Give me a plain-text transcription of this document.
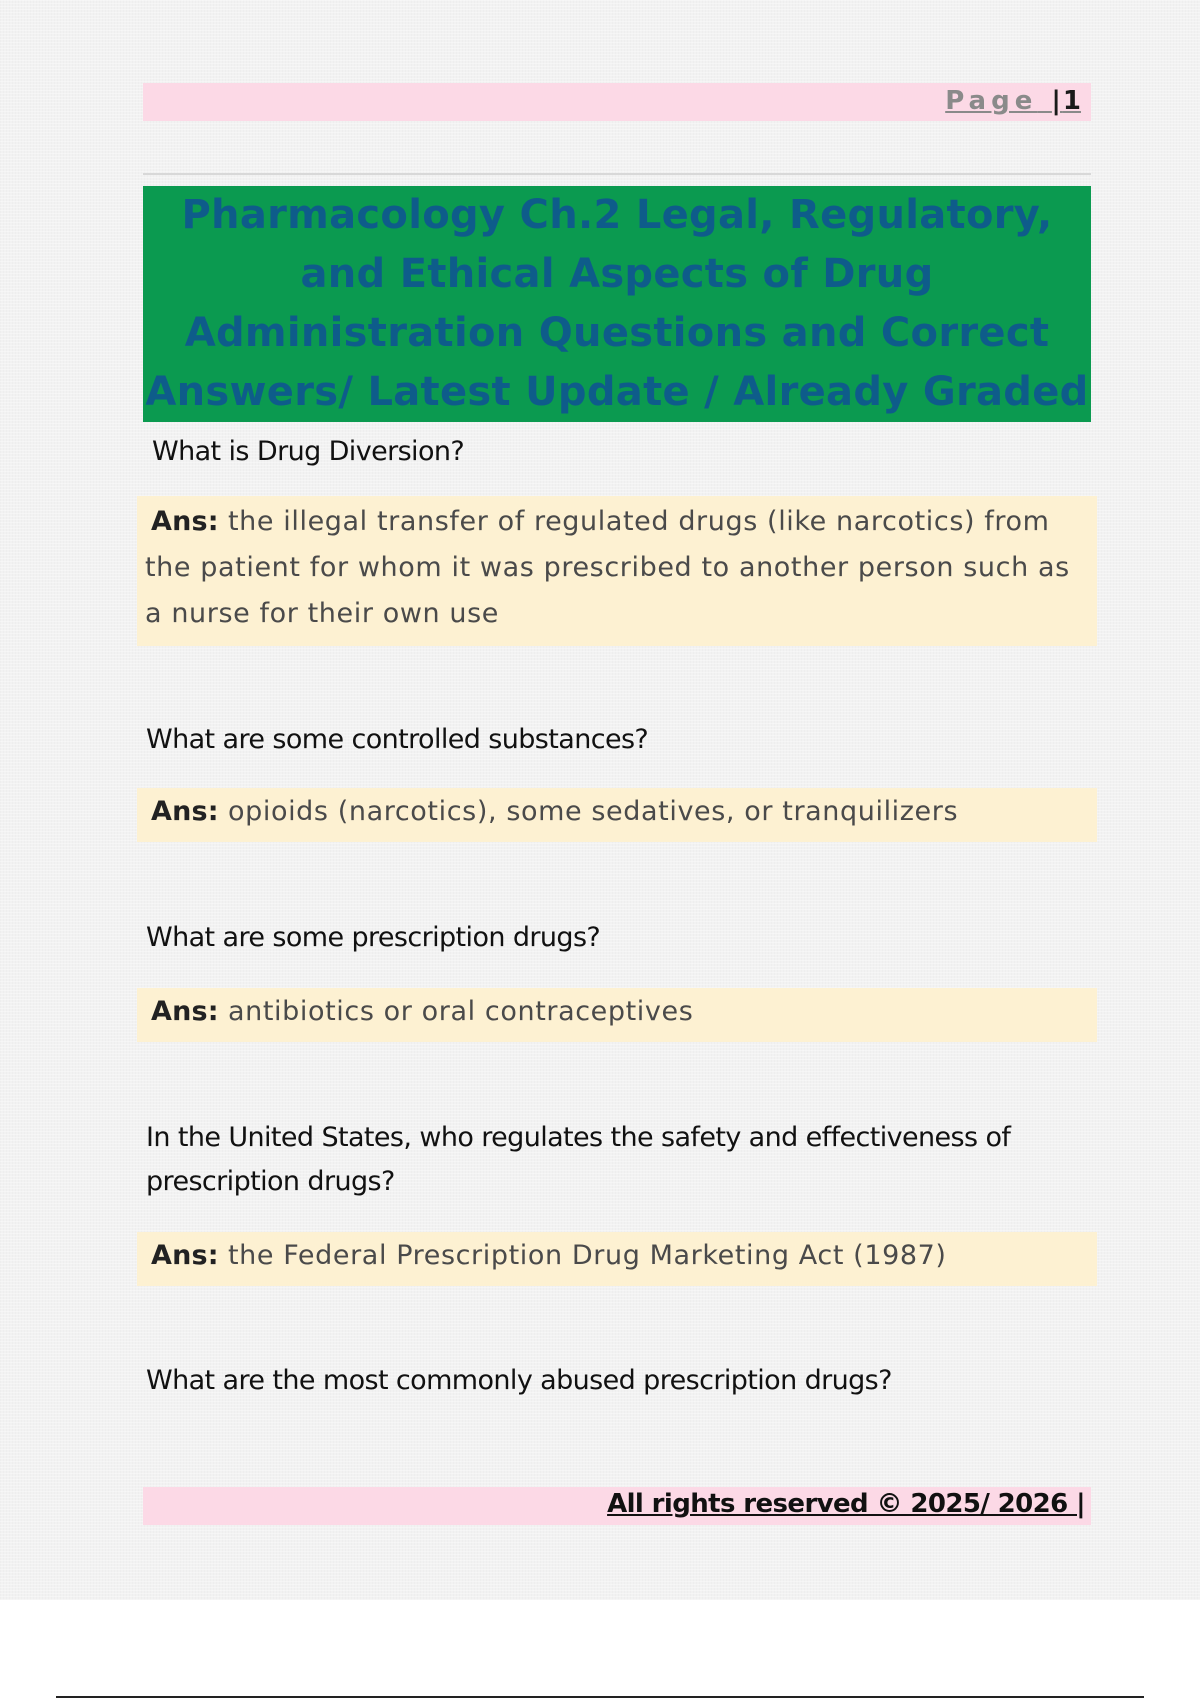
Page |1
Pharmacology Ch.2 Legal, Regulatory,
and Ethical Aspects of Drug
Administration Questions and Correct
Answers/ Latest Update / Already Graded

What is Drug Diversion?

Ans: the illegal transfer of regulated drugs (like narcotics) from the patient for whom it was prescribed to another person such as a nurse for their own use

What are some controlled substances?

Ans: opioids (narcotics), some sedatives, or tranquilizers

What are some prescription drugs?

Ans: antibiotics or oral contraceptives

In the United States, who regulates the safety and effectiveness of prescription drugs?

Ans: the Federal Prescription Drug Marketing Act (1987)

What are the most commonly abused prescription drugs?

All rights reserved © 2025/ 2026 |
